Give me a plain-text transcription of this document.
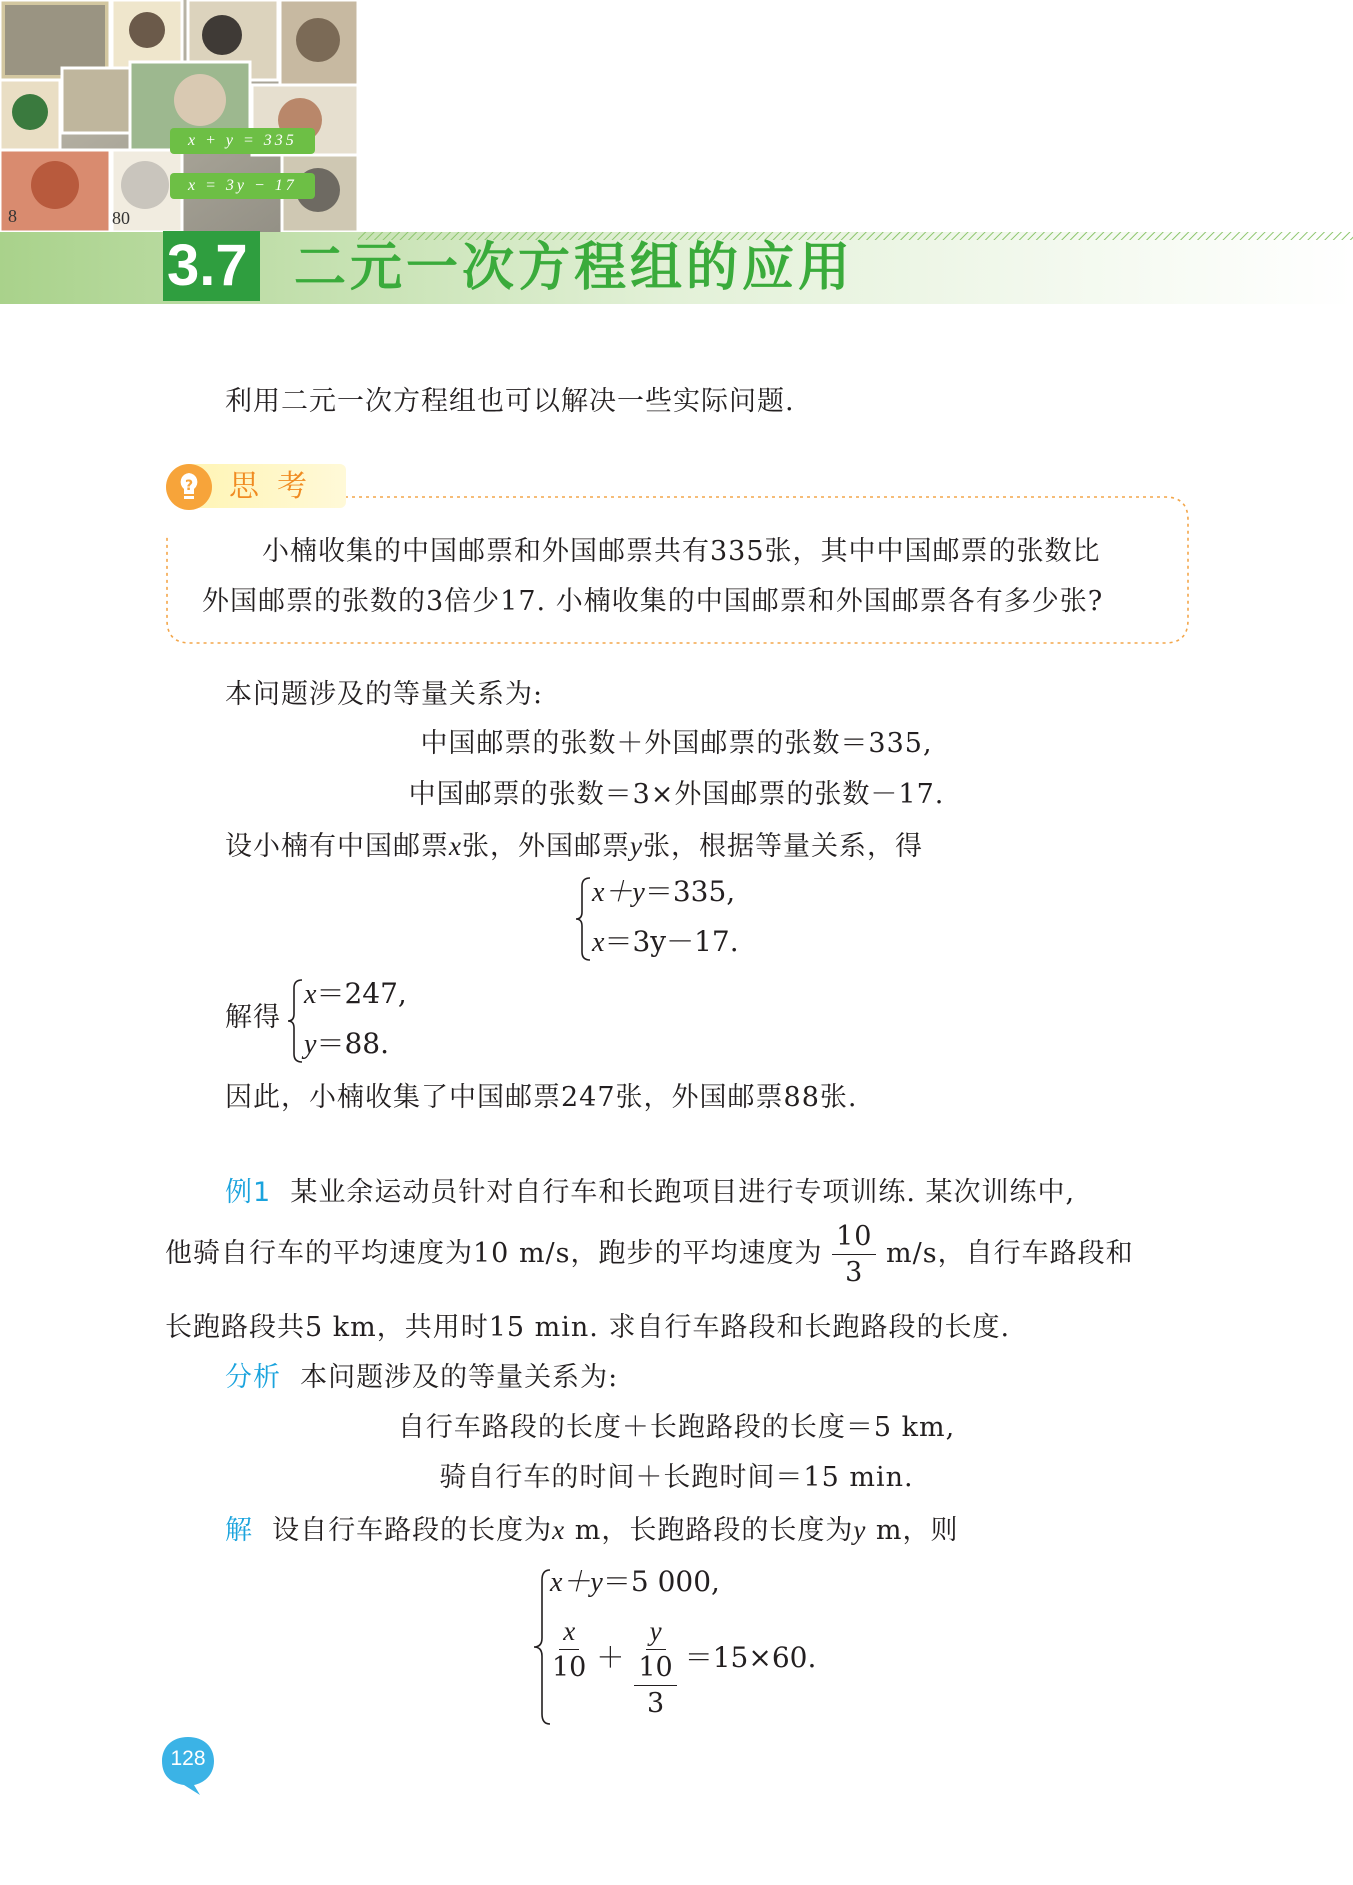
8	80
x + y = 335
x = 3y − 17
3.7 二元一次方程组的应用
利用二元一次方程组也可以解决一些实际问题.
? 思考
小楠收集的中国邮票和外国邮票共有335张，其中中国邮票的张数比
外国邮票的张数的3倍少17. 小楠收集的中国邮票和外国邮票各有多少张?
本问题涉及的等量关系为:
中国邮票的张数＋外国邮票的张数＝335,
中国邮票的张数＝3×外国邮票的张数－17.
设小楠有中国邮票x张，外国邮票y张，根据等量关系，得
x＋y＝335,
x＝3y－17.
解得
x＝247,
y＝88.
因此，小楠收集了中国邮票247张，外国邮票88张.
例1 某业余运动员针对自行车和长跑项目进行专项训练. 某次训练中,
他骑自行车的平均速度为10 m/s，跑步的平均速度为 $\frac{10}{3} m/s$，自行车路段和
长跑路段共5 km，共用时15 min. 求自行车路段和长跑路段的长度.
分析 本问题涉及的等量关系为:
自行车路段的长度＋长跑路段的长度＝5 km,
骑自行车的时间＋长跑时间＝15 min.
解 设自行车路段的长度为x m，长跑路段的长度为y m，则
x＋y＝5 000,
$\frac{x}{10} + \frac{y}{\frac{10}{3}} =15\times 60$.
128
